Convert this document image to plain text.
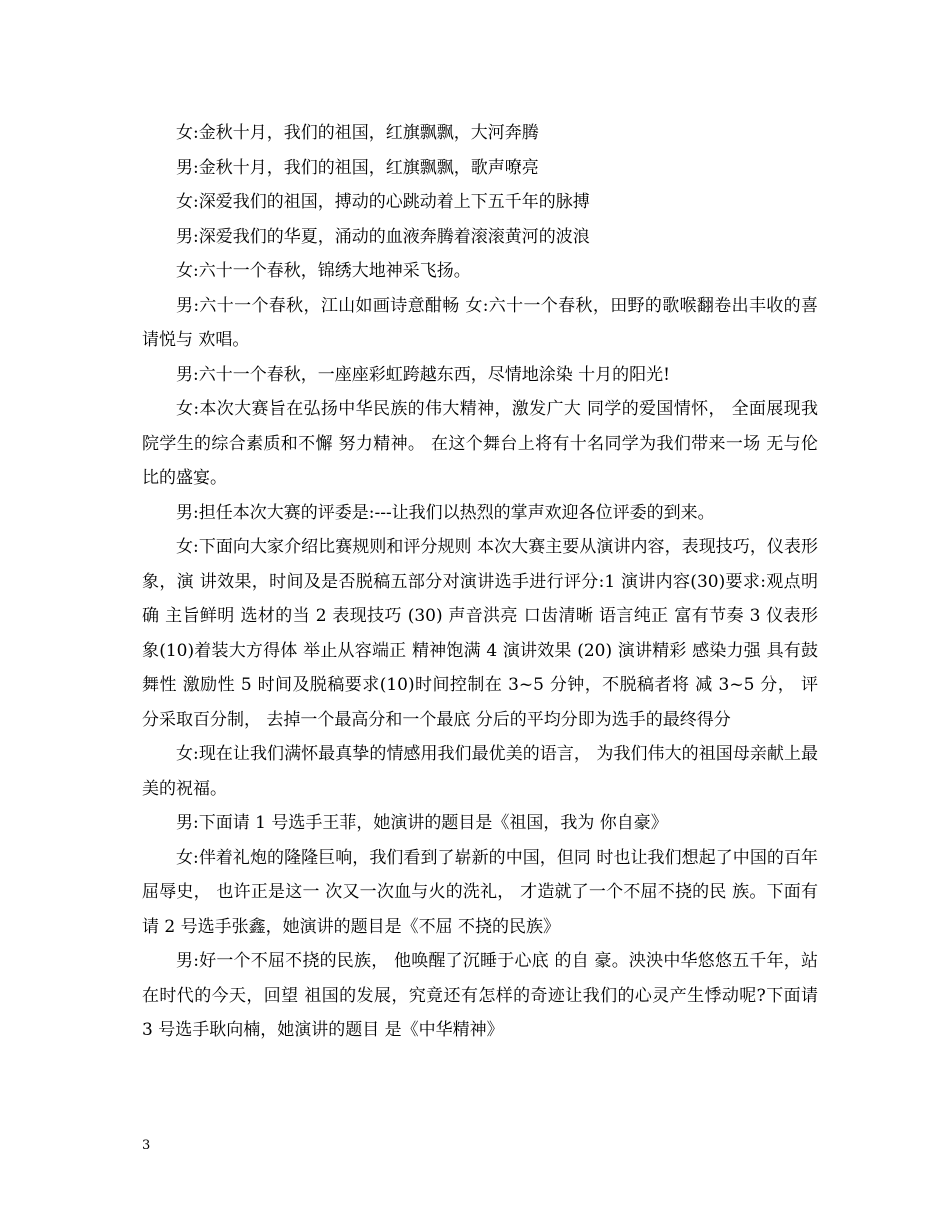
女:金秋十月，我们的祖国，红旗飘飘，大河奔腾

男:金秋十月，我们的祖国，红旗飘飘，歌声嘹亮

女:深爱我们的祖国，搏动的心跳动着上下五千年的脉搏

男:深爱我们的华夏，涌动的血液奔腾着滚滚黄河的波浪

女:六十一个春秋，锦绣大地神采飞扬。

男:六十一个春秋，江山如画诗意酣畅 女:六十一个春秋，田野的歌喉翻卷出丰收的喜请悦与 欢唱。

男:六十一个春秋，一座座彩虹跨越东西，尽情地涂染 十月的阳光!

女:本次大赛旨在弘扬中华民族的伟大精神，激发广大 同学的爱国情怀， 全面展现我院学生的综合素质和不懈 努力精神。 在这个舞台上将有十名同学为我们带来一场 无与伦比的盛宴。

男:担任本次大赛的评委是:---让我们以热烈的掌声欢迎各位评委的到来。

女:下面向大家介绍比赛规则和评分规则 本次大赛主要从演讲内容，表现技巧，仪表形象，演 讲效果，时间及是否脱稿五部分对演讲选手进行评分:1 演讲内容(30)要求:观点明确 主旨鲜明 选材的当 2 表现技巧 (30) 声音洪亮 口齿清晰 语言纯正 富有节奏 3 仪表形象(10)着装大方得体 举止从容端正 精神饱满 4 演讲效果 (20) 演讲精彩 感染力强 具有鼓舞性 激励性 5 时间及脱稿要求(10)时间控制在 3~5 分钟，不脱稿者将 减 3~5 分， 评分采取百分制， 去掉一个最高分和一个最底 分后的平均分即为选手的最终得分

女:现在让我们满怀最真挚的情感用我们最优美的语言， 为我们伟大的祖国母亲献上最美的祝福。

男:下面请 1 号选手王菲，她演讲的题目是《祖国，我为 你自豪》

女:伴着礼炮的隆隆巨响，我们看到了崭新的中国，但同 时也让我们想起了中国的百年屈辱史， 也许正是这一 次又一次血与火的洗礼， 才造就了一个不屈不挠的民 族。下面有请 2 号选手张鑫，她演讲的题目是《不屈 不挠的民族》

男:好一个不屈不挠的民族， 他唤醒了沉睡于心底 的自 豪。泱泱中华悠悠五千年，站在时代的今天，回望 祖国的发展，究竟还有怎样的奇迹让我们的心灵产生悸动呢?下面请 3 号选手耿向楠，她演讲的题目 是《中华精神》

3
